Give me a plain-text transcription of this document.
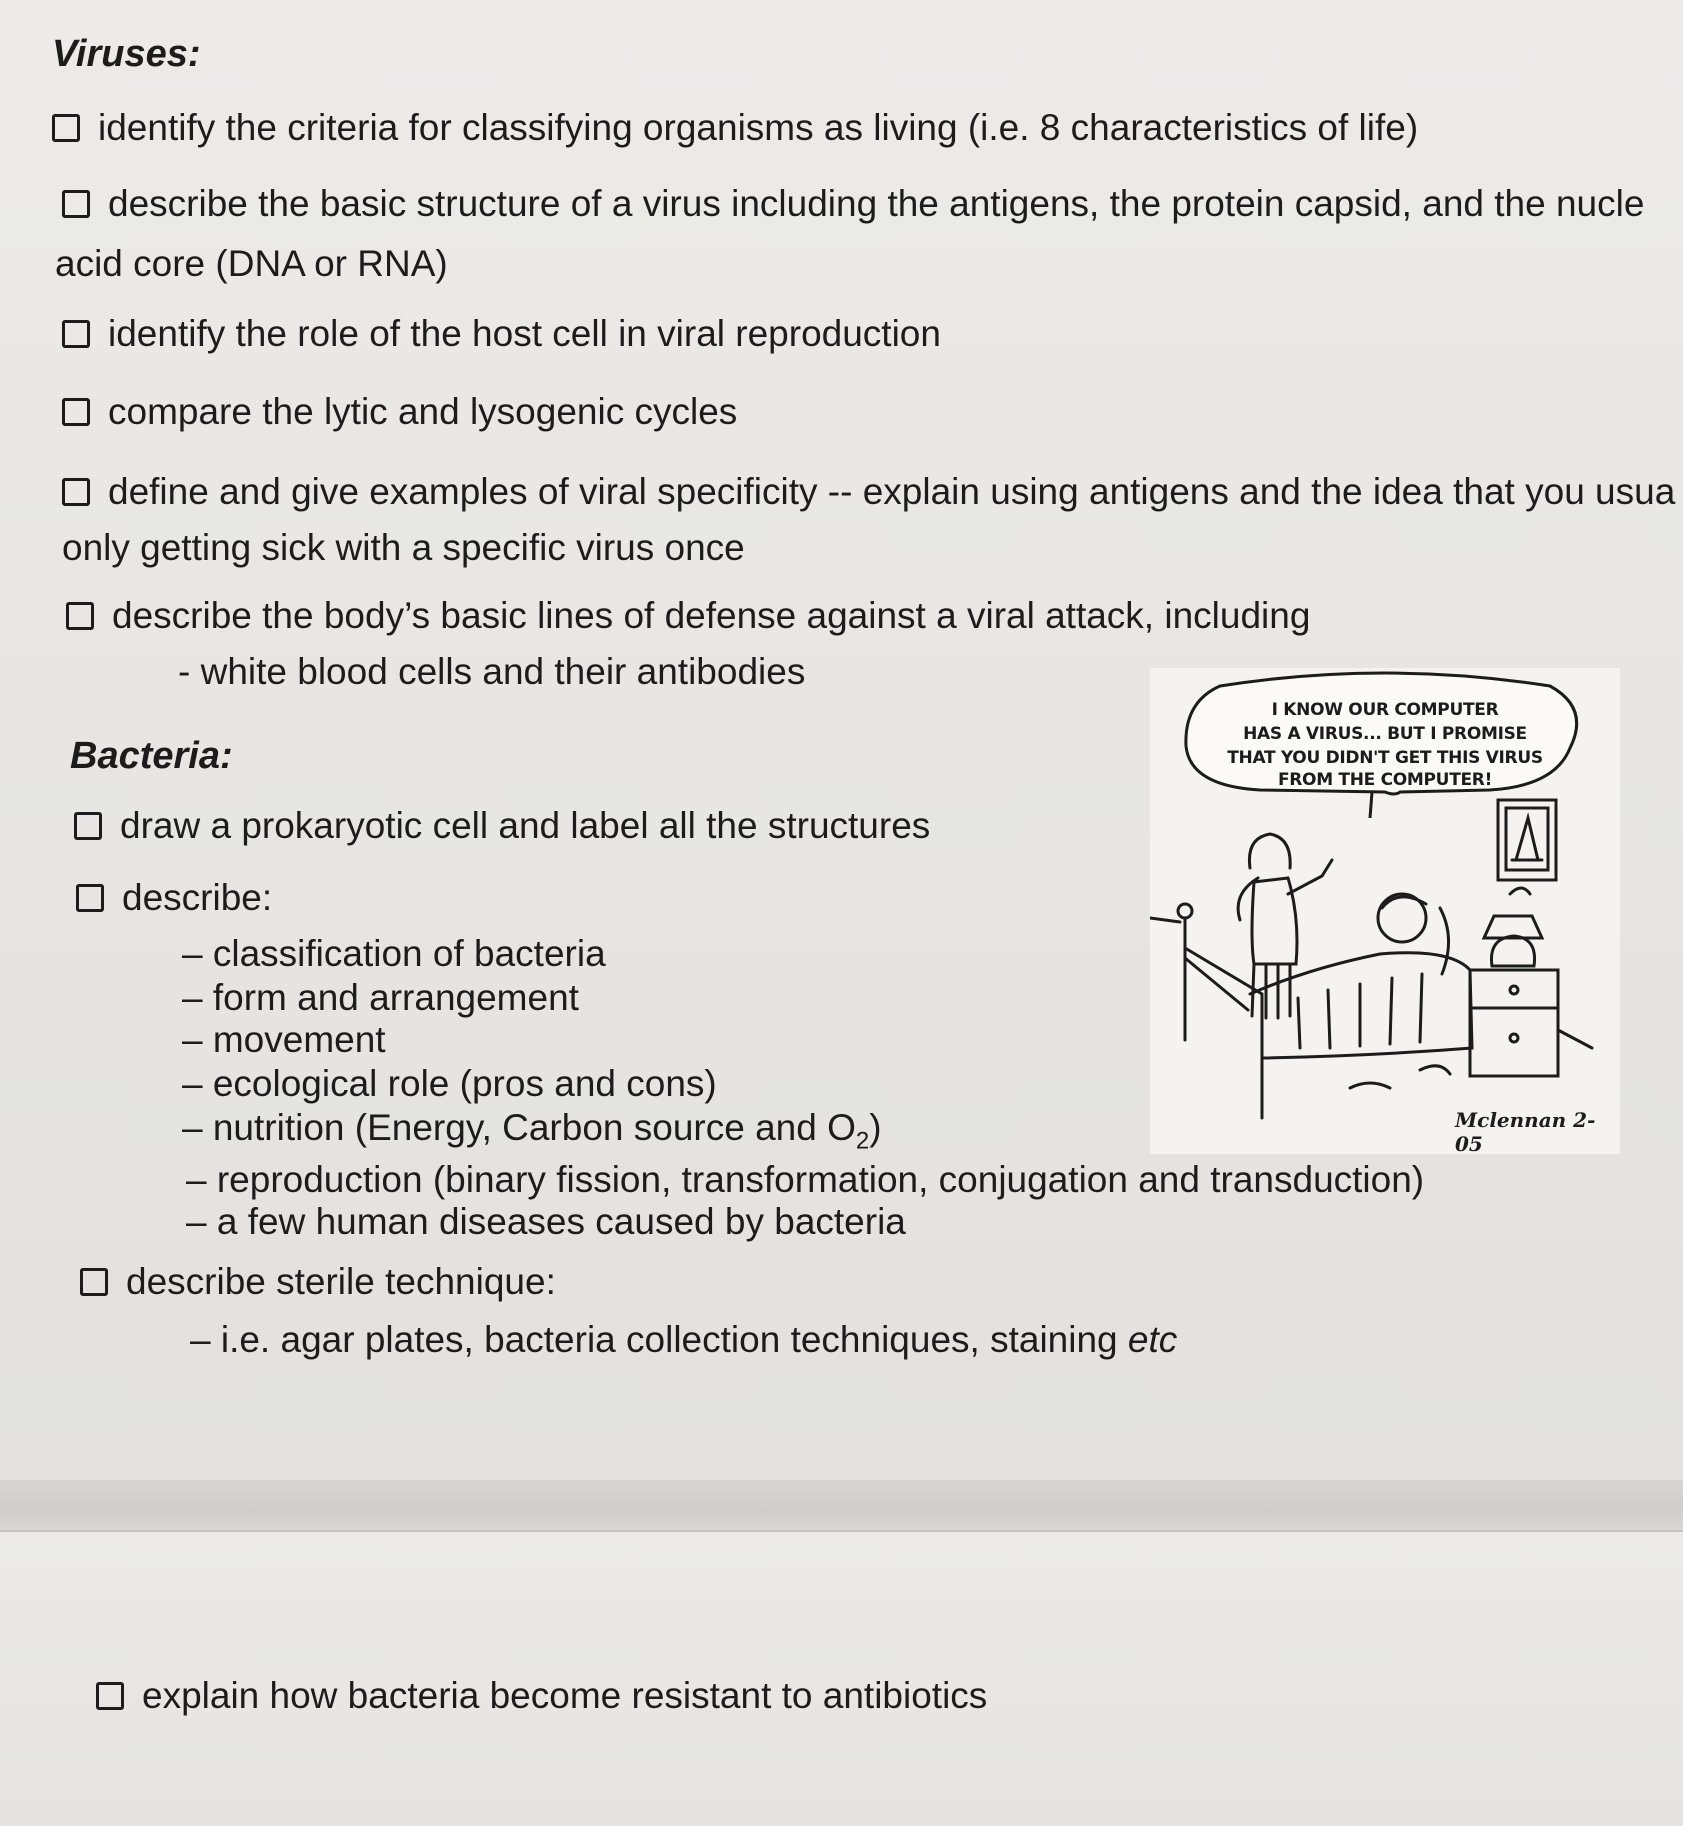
Viruses:
identify the criteria for classifying organisms as living (i.e. 8 characteristics of life)
describe the basic structure of a virus including the antigens, the protein capsid, and the nucle
acid core (DNA or RNA)
identify the role of the host cell in viral reproduction
compare the lytic and lysogenic cycles
define and give examples of viral specificity -- explain using antigens and the idea that you usua
only getting sick with a specific virus once
describe the body’s basic lines of defense against a viral attack, including
- white blood cells and their antibodies
Bacteria:
draw a prokaryotic cell and label all the structures
describe:
– classification of bacteria
– form and arrangement
– movement
– ecological role (pros and cons)
– nutrition (Energy, Carbon source and $O_2$)
– reproduction (binary fission, transformation, conjugation and transduction)
– a few human diseases caused by bacteria
describe sterile technique:
– i.e. agar plates, bacteria collection techniques, staining etc
I KNOW OUR COMPUTER
HAS A VIRUS... BUT I PROMISE
THAT YOU DIDN'T GET THIS VIRUS
FROM THE COMPUTER!
Mclennan 2-05
explain how bacteria become resistant to antibiotics
